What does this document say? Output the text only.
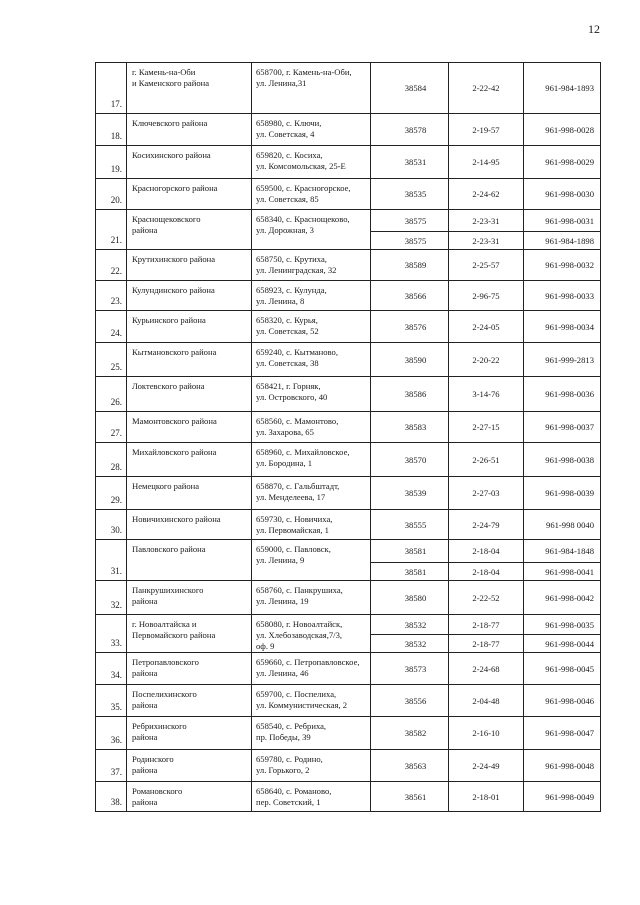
12
17.	г. Камень-на-Оби
и Каменского района	658700, г. Камень-на-Оби,
ул. Ленина,31	38584	2-22-42	961-984-1893
18.	Ключевского района	658980, с. Ключи,
ул. Советская, 4	38578	2-19-57	961-998-0028
19.	Косихинского района	659820, с. Косиха,
ул. Комсомольская, 25-Е	38531	2-14-95	961-998-0029
20.	Красногорского района	659500, с. Красногорское,
ул. Советская, 85	38535	2-24-62	961-998-0030
21.	Краснощековского
района	658340, с. Краснощеково,
ул. Дорожная, 3	38575	2-23-31	961-998-0031
			38575	2-23-31	961-984-1898
22.	Крутихинского района	658750, с. Крутиха,
ул. Ленинградская, 32	38589	2-25-57	961-998-0032
23.	Кулундинского района	658923, с. Кулунда,
ул. Ленина, 8	38566	2-96-75	961-998-0033
24.	Курьинского района	658320, с. Курья,
ул. Советская, 52	38576	2-24-05	961-998-0034
25.	Кытмановского района	659240, с. Кытманово,
ул. Советская, 38	38590	2-20-22	961-999-2813
26.	Локтевского района	658421, г. Горняк,
ул. Островского, 40	38586	3-14-76	961-998-0036
27.	Мамонтовского района	658560, с. Мамонтово,
ул. Захарова, 65	38583	2-27-15	961-998-0037
28.	Михайловского района	658960, с. Михайловское,
ул. Бородина, 1	38570	2-26-51	961-998-0038
29.	Немецкого района	658870, с. Гальбштадт,
ул. Менделеева, 17	38539	2-27-03	961-998-0039
30.	Новичихинского района	659730, с. Новичиха,
ул. Первомайская, 1	38555	2-24-79	961-998 0040
31.	Павловского района	659000, с. Павловск,
ул. Ленина, 9	38581	2-18-04	961-984-1848
			38581	2-18-04	961-998-0041
32.	Панкрушихинского
района	658760, с. Панкрушиха,
ул. Ленина, 19	38580	2-22-52	961-998-0042
33.	г. Новоалтайска и
Первомайского района	658080, г. Новоалтайск,
ул. Хлебозаводская,7/3,
оф. 9	38532	2-18-77	961-998-0035
			38532	2-18-77	961-998-0044
34.	Петропавловского
района	659660, с. Петропавловское,
ул. Ленина, 46	38573	2-24-68	961-998-0045
35.	Поспелихинского
района	659700, с. Поспелиха,
ул. Коммунистическая, 2	38556	2-04-48	961-998-0046
36.	Ребрихинского
района	658540, с. Ребриха,
пр. Победы, 39	38582	2-16-10	961-998-0047
37.	Родинского
района	659780, с. Родино,
ул. Горького, 2	38563	2-24-49	961-998-0048
38.	Романовского
района	658640, с. Романово,
пер. Советский, 1	38561	2-18-01	961-998-0049
